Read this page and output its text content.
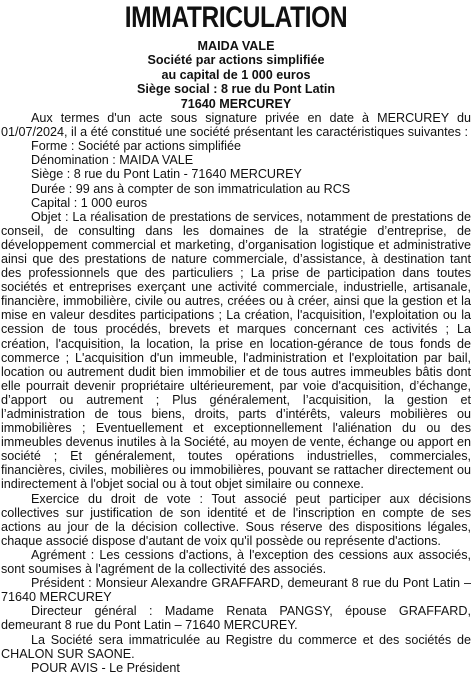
IMMATRICULATION
MAIDA VALE
Société par actions simplifiée
au capital de 1 000 euros
Siège social : 8 rue du Pont Latin
71640 MERCUREY

Aux termes d'un acte sous signature privée en date à MERCUREY du 01/07/2024, il a été constitué une société présentant les caractéristiques suivantes :

Forme : Société par actions simplifiée

Dénomination : MAIDA VALE

Siège : 8 rue du Pont Latin - 71640 MERCUREY

Durée : 99 ans à compter de son immatriculation au RCS

Capital : 1 000 euros

Objet : La réalisation de prestations de services, notamment de prestations de conseil, de consulting dans les domaines de la stratégie d’entreprise, de développement commercial et marketing, d’organisation logistique et administrative ainsi que des prestations de nature commerciale, d’assistance, à destination tant des professionnels que des particuliers ; La prise de participation dans toutes sociétés et entreprises exerçant une activité commerciale, industrielle, artisanale, financière, immobilière, civile ou autres, créées ou à créer, ainsi que la gestion et la mise en valeur desdites participations ; La création, l'acquisition, l'exploitation ou la cession de tous procédés, brevets et marques concernant ces activités ; La création, l'acquisition, la location, la prise en location-gérance de tous fonds de commerce ; L'acquisition d'un immeuble, l'administration et l'exploitation par bail, location ou autrement dudit bien immobilier et de tous autres immeubles bâtis dont elle pourrait devenir propriétaire ultérieurement, par voie d'acquisition, d’échange, d’apport ou autrement ; Plus généralement, l’acquisition, la gestion et l’administration de tous biens, droits, parts d’intérêts, valeurs mobilières ou immobilières ; Eventuellement et exceptionnellement l'aliénation du ou des immeubles devenus inutiles à la Société, au moyen de vente, échange ou apport en société ; Et généralement, toutes opérations industrielles, commerciales, financières, civiles, mobilières ou immobilières, pouvant se rattacher directement ou indirectement à l'objet social ou à tout objet similaire ou connexe.

Exercice du droit de vote : Tout associé peut participer aux décisions collectives sur justification de son identité et de l'inscription en compte de ses actions au jour de la décision collective. Sous réserve des dispositions légales, chaque associé dispose d'autant de voix qu'il possède ou représente d'actions.

Agrément : Les cessions d'actions, à l'exception des cessions aux associés, sont soumises à l'agrément de la collectivité des associés.

Président : Monsieur Alexandre GRAFFARD, demeurant 8 rue du Pont Latin – 71640 MERCUREY

Directeur général : Madame Renata PANGSY, épouse GRAFFARD, demeurant 8 rue du Pont Latin – 71640 MERCUREY.

La Société sera immatriculée au Registre du commerce et des sociétés de CHALON SUR SAONE.

POUR AVIS - Le Président
